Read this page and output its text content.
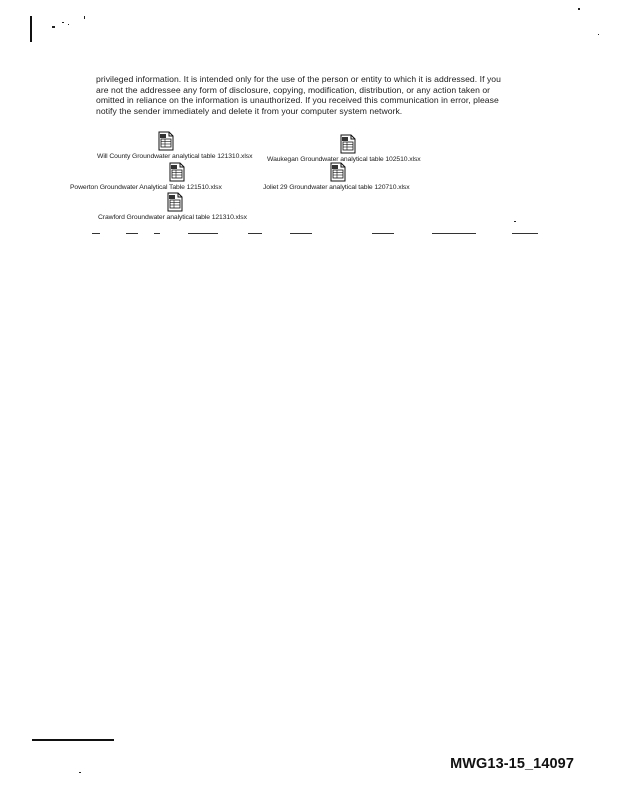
privileged information. It is intended only for the use of the person or entity to which it is addressed. If you

are not the addressee any form of disclosure, copying, modification, distribution, or any action taken or

omitted in reliance on the information is unauthorized. If you received this communication in error, please

notify the sender immediately and delete it from your computer system network.

Will County Groundwater analytical table 121310.xlsx Waukegan Groundwater analytical table 102510.xlsx
Powerton Groundwater Analytical Table 121510.xlsx	Joliet 29 Groundwater analytical table 120710.xlsx
Crawford Groundwater analytical table 121310.xlsx
MWG13-15_14097
